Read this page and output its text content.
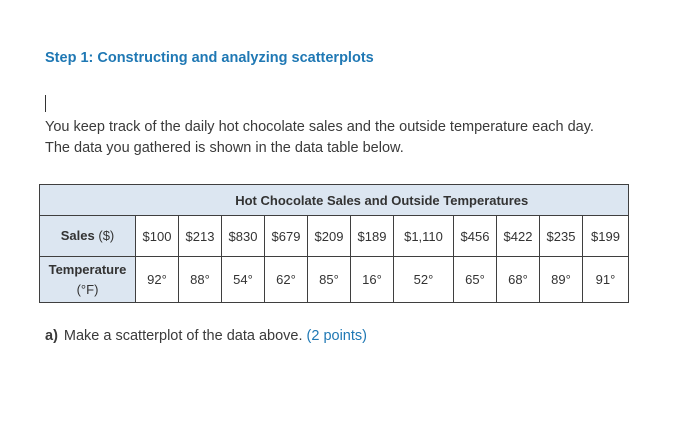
Step 1: Constructing and analyzing scatterplots
You keep track of the daily hot chocolate sales and the outside temperature each day.
The data you gathered is shown in the data table below.
	Hot Chocolate Sales and Outside Temperatures										
Sales ($)	$100	$213	$830	$679	$209	$189	$1,110	$456	$422	$235	$199
Temperature
(°F)	92°	88°	54°	62°	85°	16°	52°	65°	68°	89°	91°
a) Make a scatterplot of the data above. (2 points)
